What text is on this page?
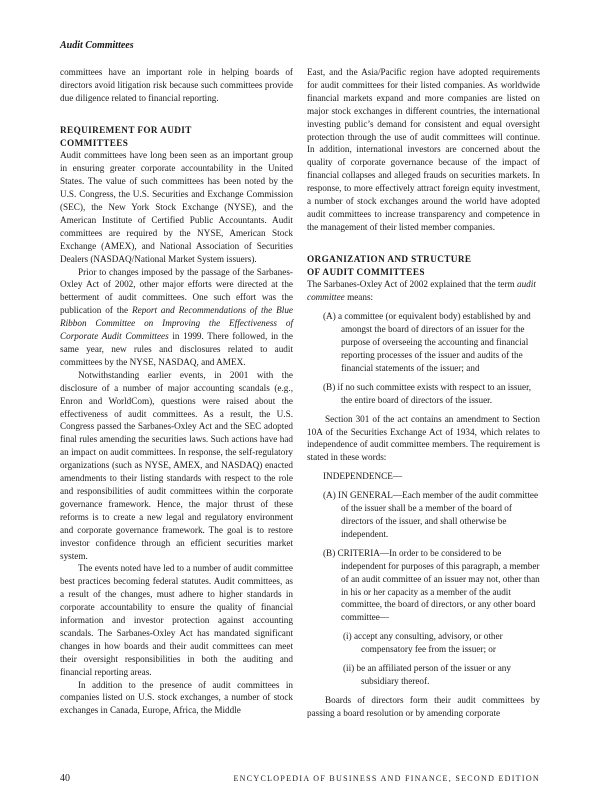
Audit Committees

committees have an important role in helping boards of directors avoid litigation risk because such committees provide due diligence related to financial reporting.

REQUIREMENT FOR AUDIT
COMMITTEES

Audit committees have long been seen as an important group in ensuring greater corporate accountability in the United States. The value of such committees has been noted by the U.S. Congress, the U.S. Securities and Exchange Commission (SEC), the New York Stock Exchange (NYSE), and the American Institute of Certified Public Accountants. Audit committees are required by the NYSE, American Stock Exchange (AMEX), and National Association of Securities Dealers (NASDAQ/National Market System issuers).

Prior to changes imposed by the passage of the Sarbanes-Oxley Act of 2002, other major efforts were directed at the betterment of audit committees. One such effort was the publication of the Report and Recommendations of the Blue Ribbon Committee on Improving the Effectiveness of Corporate Audit Committees in 1999. There followed, in the same year, new rules and disclosures related to audit committees by the NYSE, NASDAQ, and AMEX.

Notwithstanding earlier events, in 2001 with the disclosure of a number of major accounting scandals (e.g., Enron and WorldCom), questions were raised about the effectiveness of audit committees. As a result, the U.S. Congress passed the Sarbanes-Oxley Act and the SEC adopted final rules amending the securities laws. Such actions have had an impact on audit committees. In response, the self-regulatory organizations (such as NYSE, AMEX, and NASDAQ) enacted amendments to their listing standards with respect to the role and responsibilities of audit committees within the corporate governance framework. Hence, the major thrust of these reforms is to create a new legal and regulatory environment and corporate governance framework. The goal is to restore investor confidence through an efficient securities market system.

The events noted have led to a number of audit committee best practices becoming federal statutes. Audit committees, as a result of the changes, must adhere to higher standards in corporate accountability to ensure the quality of financial information and investor protection against accounting scandals. The Sarbanes-Oxley Act has mandated significant changes in how boards and their audit committees can meet their oversight responsibilities in both the auditing and financial reporting areas.

In addition to the presence of audit committees in companies listed on U.S. stock exchanges, a number of stock exchanges in Canada, Europe, Africa, the Middle

East, and the Asia/Pacific region have adopted requirements for audit committees for their listed companies. As worldwide financial markets expand and more companies are listed on major stock exchanges in different countries, the international investing public’s demand for consistent and equal oversight protection through the use of audit committees will continue. In addition, international investors are concerned about the quality of corporate governance because of the impact of financial collapses and alleged frauds on securities markets. In response, to more effectively attract foreign equity investment, a number of stock exchanges around the world have adopted audit committees to increase transparency and competence in the management of their listed member companies.

ORGANIZATION AND STRUCTURE
OF AUDIT COMMITTEES

The Sarbanes-Oxley Act of 2002 explained that the term audit committee means:

(A) a committee (or equivalent body) established by and amongst the board of directors of an issuer for the purpose of overseeing the accounting and financial reporting processes of the issuer and audits of the financial statements of the issuer; and

(B) if no such committee exists with respect to an issuer, the entire board of directors of the issuer.

Section 301 of the act contains an amendment to Section 10A of the Securities Exchange Act of 1934, which relates to independence of audit committee members. The requirement is stated in these words:

INDEPENDENCE—

(A) IN GENERAL—Each member of the audit committee of the issuer shall be a member of the board of directors of the issuer, and shall otherwise be independent.

(B) CRITERIA—In order to be considered to be independent for purposes of this paragraph, a member of an audit committee of an issuer may not, other than in his or her capacity as a member of the audit committee, the board of directors, or any other board committee—

(i) accept any consulting, advisory, or other compensatory fee from the issuer; or

(ii) be an affiliated person of the issuer or any subsidiary thereof.

Boards of directors form their audit committees by passing a board resolution or by amending corporate

40	ENCYCLOPEDIA OF BUSINESS AND FINANCE, SECOND EDITION
